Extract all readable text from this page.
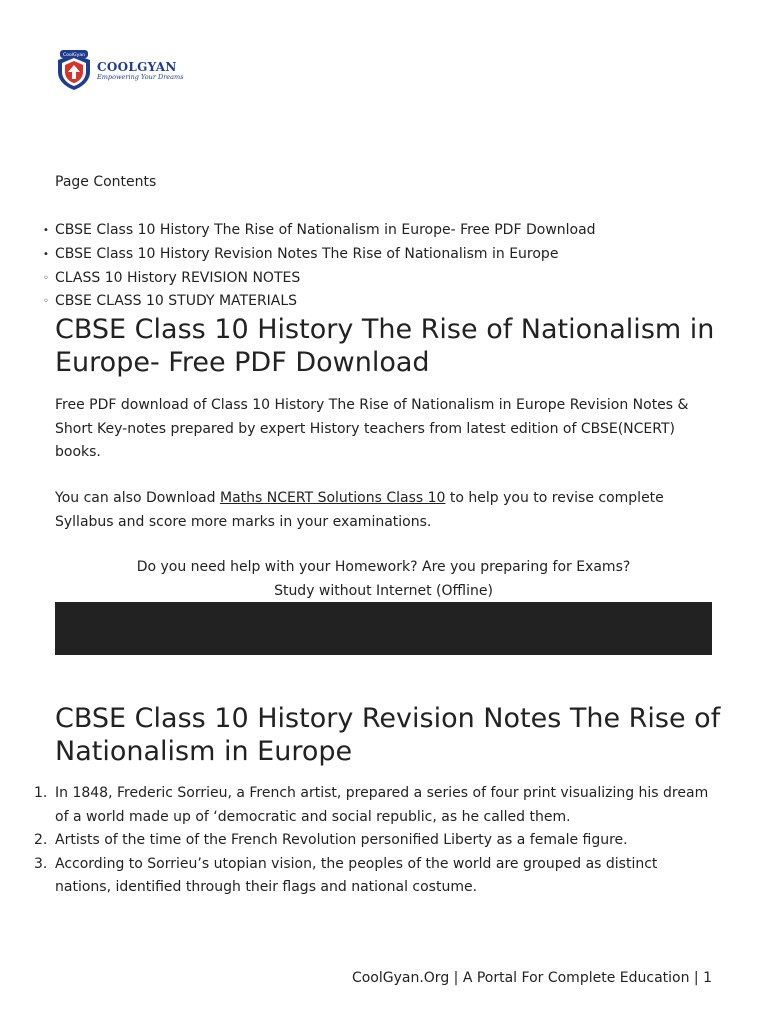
CoolGyan
COOLGYAN
Empowering Your Dreams
Page Contents
• CBSE Class 10 History The Rise of Nationalism in Europe- Free PDF Download
• CBSE Class 10 History Revision Notes The Rise of Nationalism in Europe
◦ CLASS 10 History REVISION NOTES
◦ CBSE CLASS 10 STUDY MATERIALS
CBSE Class 10 History The Rise of Nationalism in Europe- Free PDF Download

Free PDF download of Class 10 History The Rise of Nationalism in Europe Revision Notes & Short Key-notes prepared by expert History teachers from latest edition of CBSE(NCERT) books.

You can also Download Maths NCERT Solutions Class 10 to help you to revise complete Syllabus and score more marks in your examinations.

Do you need help with your Homework? Are you preparing for Exams?
Study without Internet (Offline)

CBSE Class 10 History Revision Notes The Rise of Nationalism in Europe
1. In 1848, Frederic Sorrieu, a French artist, prepared a series of four print visualizing his dream of a world made up of ‘democratic and social republic, as he called them.
2. Artists of the time of the French Revolution personified Liberty as a female figure.
3. According to Sorrieu’s utopian vision, the peoples of the world are grouped as distinct nations, identified through their flags and national costume.

CoolGyan.Org | A Portal For Complete Education | 1
